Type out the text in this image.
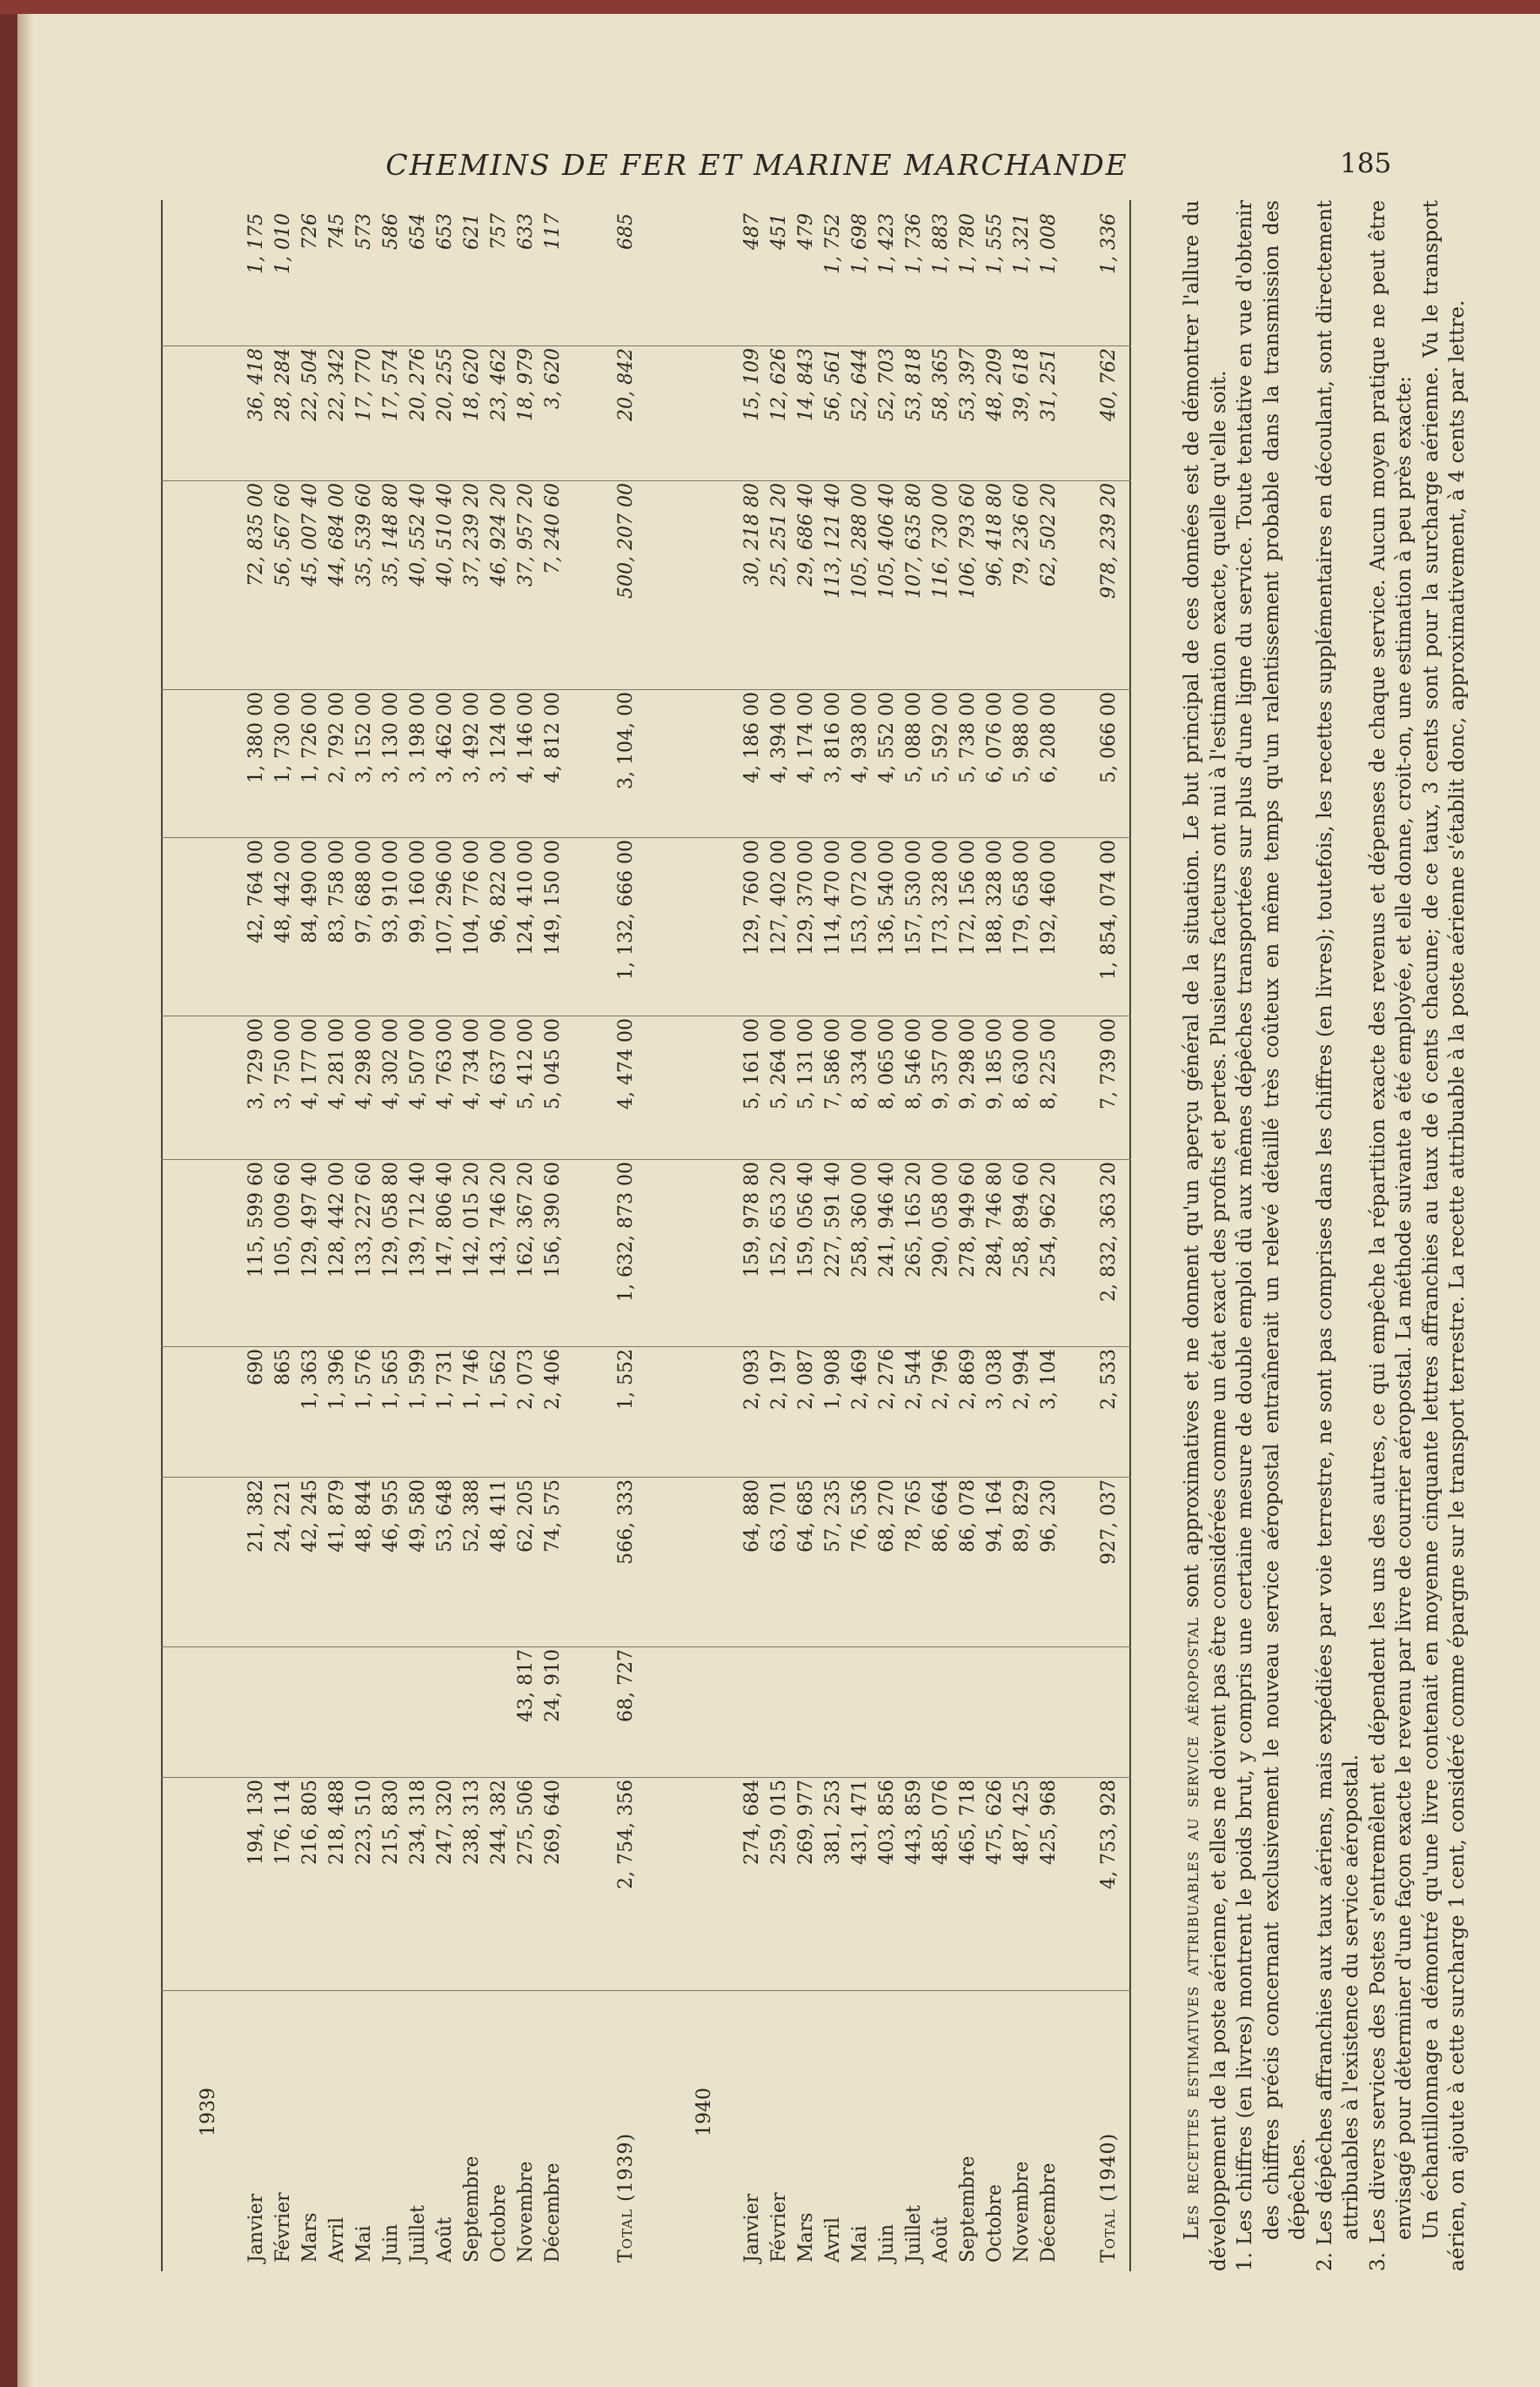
CHEMINS DE FER ET MARINE MARCHANDE	185
1939
Janvier
194, 130
21, 382
690
115, 599 60
3, 729 00
42, 764 00
1, 380 00
72, 835 00
36, 418
1, 175
Février
176, 114
24, 221
865
105, 009 60
3, 750 00
48, 442 00
1, 730 00
56, 567 60
28, 284
1, 010
Mars
216, 805
42, 245
1, 363
129, 497 40
4, 177 00
84, 490 00
1, 726 00
45, 007 40
22, 504
726
Avril
218, 488
41, 879
1, 396
128, 442 00
4, 281 00
83, 758 00
2, 792 00
44, 684 00
22, 342
745
Mai
223, 510
48, 844
1, 576
133, 227 60
4, 298 00
97, 688 00
3, 152 00
35, 539 60
17, 770
573
Juin
215, 830
46, 955
1, 565
129, 058 80
4, 302 00
93, 910 00
3, 130 00
35, 148 80
17, 574
586
Juillet
234, 318
49, 580
1, 599
139, 712 40
4, 507 00
99, 160 00
3, 198 00
40, 552 40
20, 276
654
Août
247, 320
53, 648
1, 731
147, 806 40
4, 763 00
107, 296 00
3, 462 00
40, 510 40
20, 255
653
Septembre
238, 313
52, 388
1, 746
142, 015 20
4, 734 00
104, 776 00
3, 492 00
37, 239 20
18, 620
621
Octobre
244, 382
48, 411
1, 562
143, 746 20
4, 637 00
96, 822 00
3, 124 00
46, 924 20
23, 462
757
Novembre
275, 506
43, 817
62, 205
2, 073
162, 367 20
5, 412 00
124, 410 00
4, 146 00
37, 957 20
18, 979
633
Décembre
269, 640
24, 910
74, 575
2, 406
156, 390 60
5, 045 00
149, 150 00
4, 812 00
7, 240 60
3, 620
117
Total (1939)
2, 754, 356
68, 727
566, 333
1, 552
1, 632, 873 00
4, 474 00
1, 132, 666 00
3, 104, 00
500, 207 00
20, 842
685
1940
Janvier
274, 684
64, 880
2, 093
159, 978 80
5, 161 00
129, 760 00
4, 186 00
30, 218 80
15, 109
487
Février
259, 015
63, 701
2, 197
152, 653 20
5, 264 00
127, 402 00
4, 394 00
25, 251 20
12, 626
451
Mars
269, 977
64, 685
2, 087
159, 056 40
5, 131 00
129, 370 00
4, 174 00
29, 686 40
14, 843
479
Avril
381, 253
57, 235
1, 908
227, 591 40
7, 586 00
114, 470 00
3, 816 00
113, 121 40
56, 561
1, 752
Mai
431, 471
76, 536
2, 469
258, 360 00
8, 334 00
153, 072 00
4, 938 00
105, 288 00
52, 644
1, 698
Juin
403, 856
68, 270
2, 276
241, 946 40
8, 065 00
136, 540 00
4, 552 00
105, 406 40
52, 703
1, 423
Juillet
443, 859
78, 765
2, 544
265, 165 20
8, 546 00
157, 530 00
5, 088 00
107, 635 80
53, 818
1, 736
Août
485, 076
86, 664
2, 796
290, 058 00
9, 357 00
173, 328 00
5, 592 00
116, 730 00
58, 365
1, 883
Septembre
465, 718
86, 078
2, 869
278, 949 60
9, 298 00
172, 156 00
5, 738 00
106, 793 60
53, 397
1, 780
Octobre
475, 626
94, 164
3, 038
284, 746 80
9, 185 00
188, 328 00
6, 076 00
96, 418 80
48, 209
1, 555
Novembre
487, 425
89, 829
2, 994
258, 894 60
8, 630 00
179, 658 00
5, 988 00
79, 236 60
39, 618
1, 321
Décembre
425, 968
96, 230
3, 104
254, 962 20
8, 225 00
192, 460 00
6, 208 00
62, 502 20
31, 251
1, 008
Total (1940)
4, 753, 928
927, 037
2, 533
2, 832, 363 20
7, 739 00
1, 854, 074 00
5, 066 00
978, 239 20
40, 762
1, 336

Les recettes estimatives attribuables au service aéropostal sont approximatives et ne donnent qu'un aperçu général de la situation. Le but principal de ces données est de démontrer l'allure du développement de la poste aérienne, et elles ne doivent pas être considérées comme un état exact des profits et pertes. Plusieurs facteurs ont nui à l'estimation exacte, quelle qu'elle soit. 1. Les chiffres (en livres) montrent le poids brut, y compris une certaine mesure de double emploi dû aux mêmes dépêches transportées sur plus d'une ligne du service. Toute tentative en vue d'obtenir des chiffres précis concernant exclusivement le nouveau service aéropostal entraînerait un relevé détaillé très coûteux en même temps qu'un ralentissement probable dans la transmission des dépêches. 2. Les dépêches affranchies aux taux aériens, mais expédiées par voie terrestre, ne sont pas comprises dans les chiffres (en livres); toutefois, les recettes supplémentaires en découlant, sont directement attribuables à l'existence du service aéropostal. 3. Les divers services des Postes s'entremêlent et dépendent les uns des autres, ce qui empêche la répartition exacte des revenus et dépenses de chaque service. Aucun moyen pratique ne peut être envisagé pour déterminer d'une façon exacte le revenu par livre de courrier aéropostal. La méthode suivante a été employée, et elle donne, croit-on, une estimation à peu près exacte: Un échantillonnage a démontré qu'une livre contenait en moyenne cinquante lettres affranchies au taux de 6 cents chacune; de ce taux, 3 cents sont pour la surcharge aérienne. Vu le transport aérien, on ajoute à cette surcharge 1 cent, considéré comme épargne sur le transport terrestre. La recette attribuable à la poste aérienne s'établit donc, approximativement, à 4 cents par lettre.
